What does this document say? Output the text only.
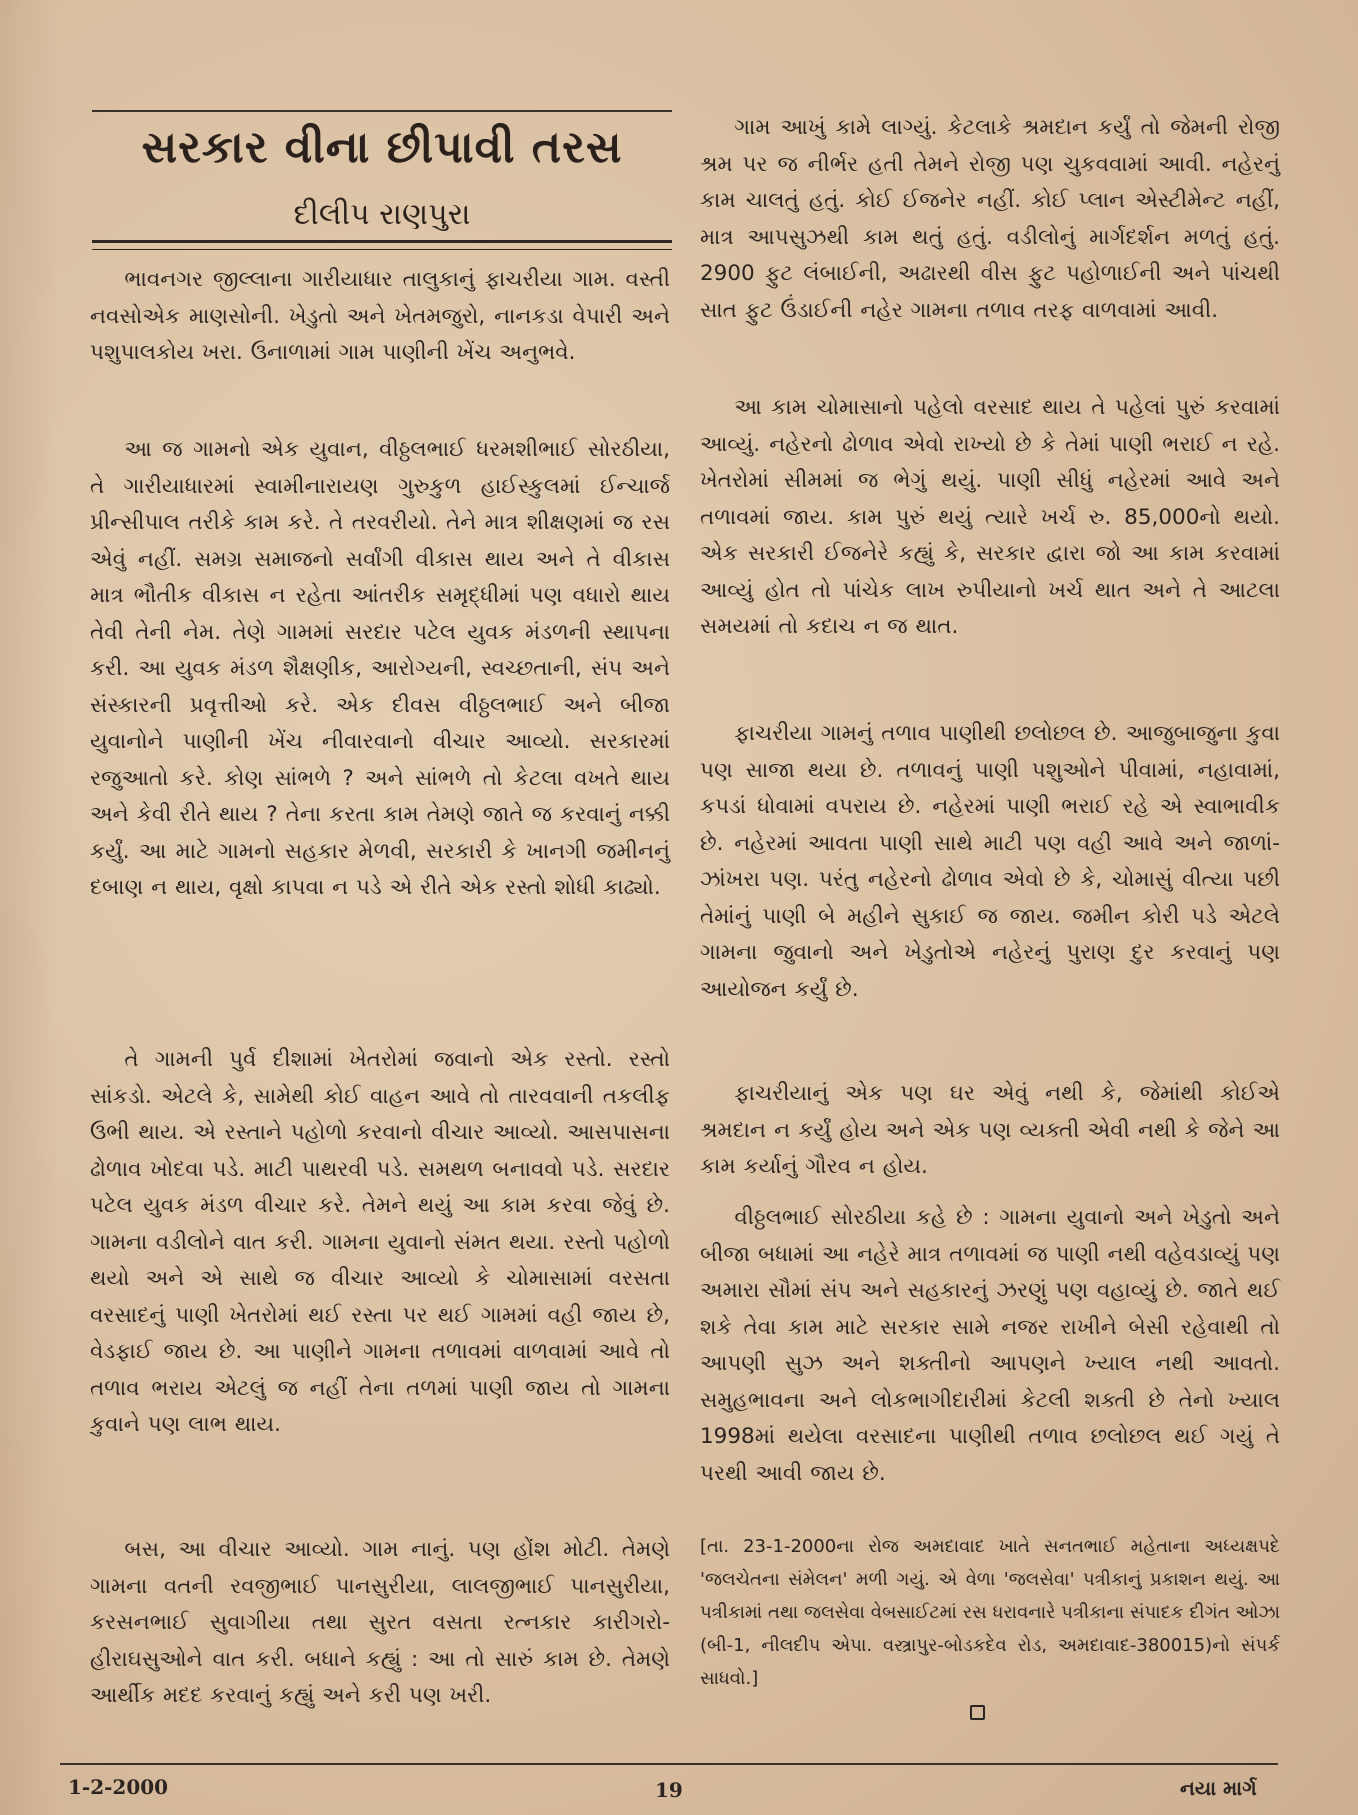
સરકાર વીના છીપાવી તરસ
દીલીપ રાણપુરા

ભાવનગર જીલ્લાના ગારીયાધાર તાલુકાનું ફાચરીયા ગામ. વસ્તી નવસોએક માણસોની. ખેડુતો અને ખેતમજુરો, નાનકડા વેપારી અને પશુપાલકોય ખરા. ઉનાળામાં ગામ પાણીની ખેંચ અનુભવે.

આ જ ગામનો એક યુવાન, વીઠ્ઠલભાઈ ધરમશીભાઈ સોરઠીયા, તે ગારીયાધારમાં સ્વામીનારાયણ ગુરુકુળ હાઈસ્કુલમાં ઈન્ચાર્જ પ્રીન્સીપાલ તરીકે કામ કરે. તે તરવરીયો. તેને માત્ર શીક્ષણમાં જ રસ એવું નહીં. સમગ્ર સમાજનો સર્વાંગી વીકાસ થાય અને તે વીકાસ માત્ર ભૌતીક વીકાસ ન રહેતા આંતરીક સમૃદ્ધીમાં પણ વધારો થાય તેવી તેની નેમ. તેણે ગામમાં સરદાર પટેલ યુવક મંડળની સ્થાપના કરી. આ યુવક મંડળ શૈક્ષણીક, આરોગ્યની, સ્વચ્છતાની, સંપ અને સંસ્કારની પ્રવૃત્તીઓ કરે. એક દીવસ વીઠ્ઠલભાઈ અને બીજા યુવાનોને પાણીની ખેંચ નીવારવાનો વીચાર આવ્યો. સરકારમાં રજુઆતો કરે. કોણ સાંભળે ? અને સાંભળે તો કેટલા વખતે થાય અને કેવી રીતે થાય ? તેના કરતા કામ તેમણે જાતે જ કરવાનું નક્કી કર્યું. આ માટે ગામનો સહકાર મેળવી, સરકારી કે ખાનગી જમીનનું દબાણ ન થાય, વૃક્ષો કાપવા ન પડે એ રીતે એક રસ્તો શોધી કાઢ્યો.

તે ગામની પુર્વ દીશામાં ખેતરોમાં જવાનો એક રસ્તો. રસ્તો સાંકડો. એટલે કે, સામેથી કોઈ વાહન આવે તો તારવવાની તકલીફ ઉભી થાય. એ રસ્તાને પહોળો કરવાનો વીચાર આવ્યો. આસપાસના ઢોળાવ ખોદવા પડે. માટી પાથરવી પડે. સમથળ બનાવવો પડે. સરદાર પટેલ યુવક મંડળ વીચાર કરે. તેમને થયું આ કામ કરવા જેવું છે. ગામના વડીલોને વાત કરી. ગામના યુવાનો સંમત થયા. રસ્તો પહોળો થયો અને એ સાથે જ વીચાર આવ્યો કે ચોમાસામાં વરસતા વરસાદનું પાણી ખેતરોમાં થઈ રસ્તા પર થઈ ગામમાં વહી જાય છે, વેડફાઈ જાય છે. આ પાણીને ગામના તળાવમાં વાળવામાં આવે તો તળાવ ભરાય એટલું જ નહીં તેના તળમાં પાણી જાય તો ગામના કુવાને પણ લાભ થાય.

બસ, આ વીચાર આવ્યો. ગામ નાનું. પણ હોંશ મોટી. તેમણે ગામના વતની રવજીભાઈ પાનસુરીયા, લાલજીભાઈ પાનસુરીયા, કરસનભાઈ સુવાગીયા તથા સુરત વસતા રત્નકાર કારીગરો-હીરાઘસુઓને વાત કરી. બધાને કહ્યું : આ તો સારું કામ છે. તેમણે આર્થીક મદદ કરવાનું કહ્યું અને કરી પણ ખરી.

ગામ આખું કામે લાગ્યું. કેટલાકે શ્રમદાન કર્યું તો જેમની રોજી શ્રમ પર જ નીર્ભર હતી તેમને રોજી પણ ચુકવવામાં આવી. નહેરનું કામ ચાલતું હતું. કોઈ ઈજનેર નહીં. કોઈ પ્લાન એસ્ટીમેન્ટ નહીં, માત્ર આપસુઝથી કામ થતું હતું. વડીલોનું માર્ગદર્શન મળતું હતું. 2900 ફુટ લંબાઈની, અઢારથી વીસ ફુટ પહોળાઈની અને પાંચથી સાત ફુટ ઉંડાઈની નહેર ગામના તળાવ તરફ વાળવામાં આવી.

આ કામ ચોમાસાનો પહેલો વરસાદ થાય તે પહેલાં પુરું કરવામાં આવ્યું. નહેરનો ઢોળાવ એવો રાખ્યો છે કે તેમાં પાણી ભરાઈ ન રહે. ખેતરોમાં સીમમાં જ ભેગું થયું. પાણી સીધું નહેરમાં આવે અને તળાવમાં જાય. કામ પુરું થયું ત્યારે ખર્ચ રુ. 85,000નો થયો. એક સરકારી ઈજનેરે કહ્યું કે, સરકાર દ્વારા જો આ કામ કરવામાં આવ્યું હોત તો પાંચેક લાખ રુપીયાનો ખર્ચ થાત અને તે આટલા સમયમાં તો કદાચ ન જ થાત.

ફાચરીયા ગામનું તળાવ પાણીથી છલોછલ છે. આજુબાજુના કુવા પણ સાજા થયા છે. તળાવનું પાણી પશુઓને પીવામાં, નહાવામાં, કપડાં ધોવામાં વપરાય છે. નહેરમાં પાણી ભરાઈ રહે એ સ્વાભાવીક છે. નહેરમાં આવતા પાણી સાથે માટી પણ વહી આવે અને જાળાં-ઝાંખરા પણ. પરંતુ નહેરનો ઢોળાવ એવો છે કે, ચોમાસું વીત્યા પછી તેમાંનું પાણી બે મહીને સુકાઈ જ જાય. જમીન કોરી પડે એટલે ગામના જુવાનો અને ખેડુતોએ નહેરનું પુરાણ દુર કરવાનું પણ આયોજન કર્યું છે.

ફાચરીયાનું એક પણ ઘર એવું નથી કે, જેમાંથી કોઈએ શ્રમદાન ન કર્યું હોય અને એક પણ વ્યક્તી એવી નથી કે જેને આ કામ કર્યાનું ગૌરવ ન હોય.

વીઠ્ઠલભાઈ સોરઠીયા કહે છે : ગામના યુવાનો અને ખેડુતો અને બીજા બધામાં આ નહેરે માત્ર તળાવમાં જ પાણી નથી વહેવડાવ્યું પણ અમારા સૌમાં સંપ અને સહકારનું ઝરણું પણ વહાવ્યું છે. જાતે થઈ શકે તેવા કામ માટે સરકાર સામે નજર રાખીને બેસી રહેવાથી તો આપણી સુઝ અને શક્તીનો આપણને ખ્યાલ નથી આવતો. સમુહભાવના અને લોકભાગીદારીમાં કેટલી શક્તી છે તેનો ખ્યાલ 1998માં થયેલા વરસાદના પાણીથી તળાવ છલોછલ થઈ ગયું તે પરથી આવી જાય છે.

[તા. 23-1-2000ના રોજ અમદાવાદ ખાતે સનતભાઈ મહેતાના અધ્યક્ષપદે 'જલચેતના સંમેલન' મળી ગયું. એ વેળા 'જલસેવા' પત્રીકાનું પ્રકાશન થયું. આ પત્રીકામાં તથા જલસેવા વેબસાઈટમાં રસ ધરાવનારે પત્રીકાના સંપાદક દીગંત ઓઝા (બી-1, નીલદીપ એપા. વસ્ત્રાપુર-બોડકદેવ રોડ, અમદાવાદ-380015)નો સંપર્ક સાધવો.]

1-2-2000	19	નયા માર્ગ
